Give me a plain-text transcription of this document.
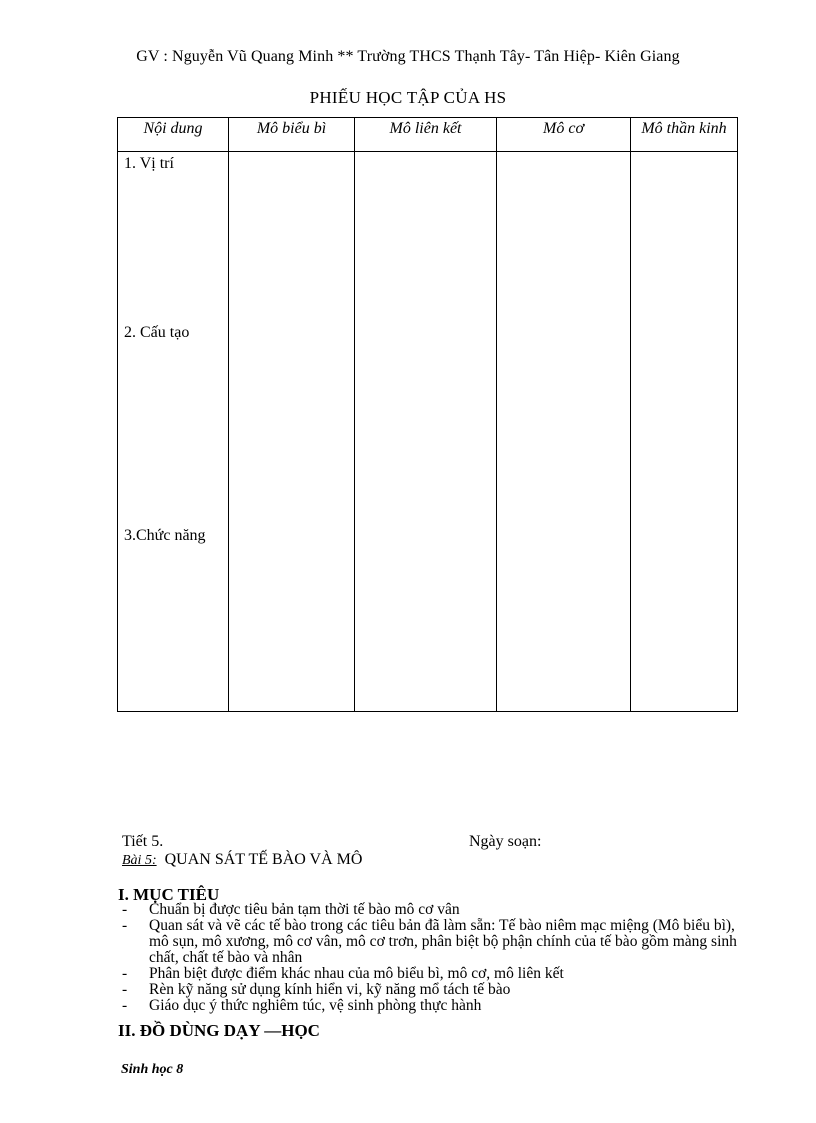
GV : Nguyễn Vũ Quang Minh ** Trường THCS Thạnh Tây- Tân Hiệp- Kiên Giang
PHIẾU HỌC TẬP CỦA HS
Nội dung	Mô biểu bì	Mô liên kết	Mô cơ	Mô thần kinh

1. Vị trí
2. Cấu tạo
3.Chức năng				

Tiết 5.	Ngày soạn:
Bài 5: QUAN SÁT TẾ BÀO VÀ MÔ
I. MỤC TIÊU
- Chuẩn bị được tiêu bản tạm thời tế bào mô cơ vân
- Quan sát và vẽ các tế bào trong các tiêu bản đã làm sẵn: Tế bào niêm mạc miệng (Mô biểu bì), mô sụn, mô xương, mô cơ vân, mô cơ trơn, phân biệt bộ phận chính của tế bào gồm màng sinh chất, chất tế bào và nhân
- Phân biệt được điểm khác nhau của mô biểu bì, mô cơ, mô liên kết
- Rèn kỹ năng sử dụng kính hiển vi, kỹ năng mổ tách tế bào
- Giáo dục ý thức nghiêm túc, vệ sinh phòng thực hành
II. ĐỒ DÙNG DẠY —HỌC
Sinh học 8
